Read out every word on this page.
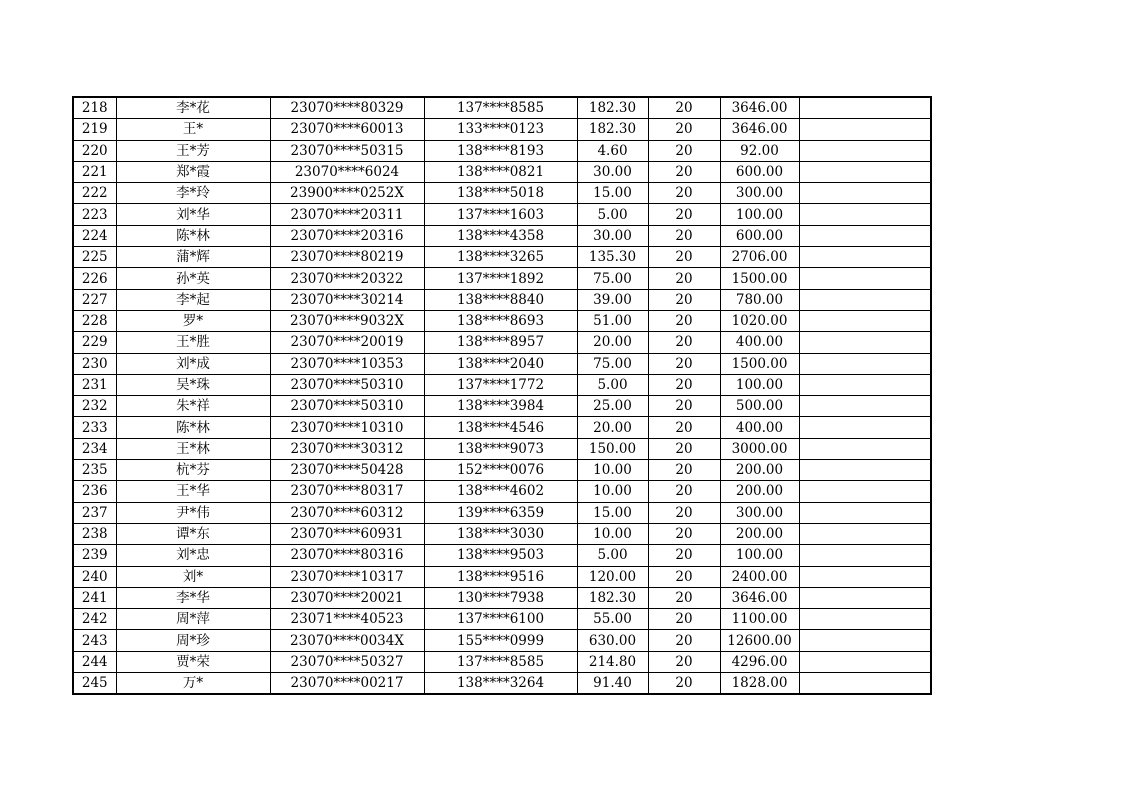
218	李*花	23070****80329	137****8585	182.30	20	3646.00	
219	王*	23070****60013	133****0123	182.30	20	3646.00	
220	王*芳	23070****50315	138****8193	4.60	20	92.00	
221	郑*霞	23070****6024	138****0821	30.00	20	600.00	
222	李*玲	23900****0252X	138****5018	15.00	20	300.00	
223	刘*华	23070****20311	137****1603	5.00	20	100.00	
224	陈*林	23070****20316	138****4358	30.00	20	600.00	
225	蒲*辉	23070****80219	138****3265	135.30	20	2706.00	
226	孙*英	23070****20322	137****1892	75.00	20	1500.00	
227	李*起	23070****30214	138****8840	39.00	20	780.00	
228	罗*	23070****9032X	138****8693	51.00	20	1020.00	
229	王*胜	23070****20019	138****8957	20.00	20	400.00	
230	刘*成	23070****10353	138****2040	75.00	20	1500.00	
231	吴*珠	23070****50310	137****1772	5.00	20	100.00	
232	朱*祥	23070****50310	138****3984	25.00	20	500.00	
233	陈*林	23070****10310	138****4546	20.00	20	400.00	
234	王*林	23070****30312	138****9073	150.00	20	3000.00	
235	杭*芬	23070****50428	152****0076	10.00	20	200.00	
236	王*华	23070****80317	138****4602	10.00	20	200.00	
237	尹*伟	23070****60312	139****6359	15.00	20	300.00	
238	谭*东	23070****60931	138****3030	10.00	20	200.00	
239	刘*忠	23070****80316	138****9503	5.00	20	100.00	
240	刘*	23070****10317	138****9516	120.00	20	2400.00	
241	李*华	23070****20021	130****7938	182.30	20	3646.00	
242	周*萍	23071****40523	137****6100	55.00	20	1100.00	
243	周*珍	23070****0034X	155****0999	630.00	20	12600.00	
244	贾*荣	23070****50327	137****8585	214.80	20	4296.00	
245	万*	23070****00217	138****3264	91.40	20	1828.00	
